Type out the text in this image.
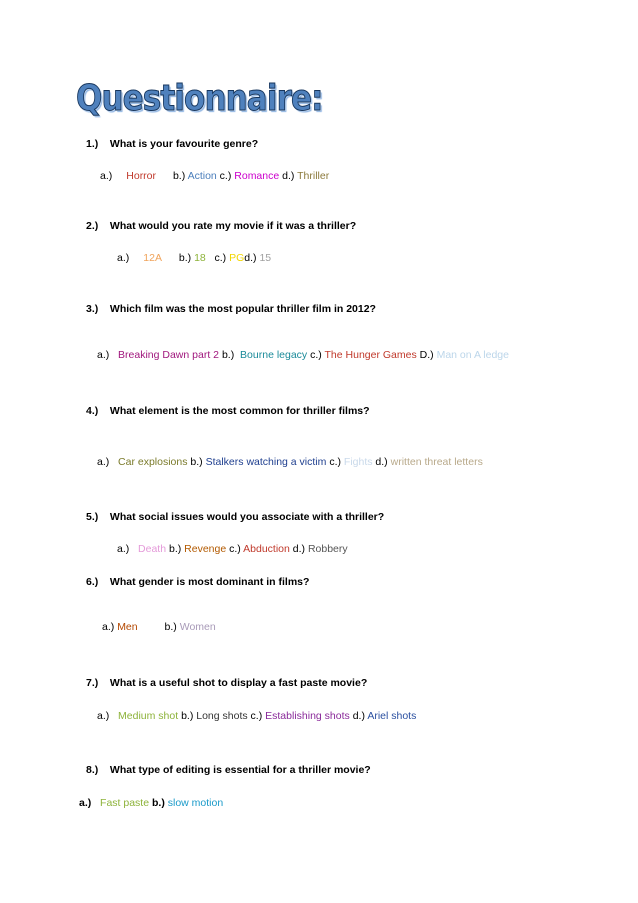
Questionnaire:
1.) What is your favourite genre?
a.) Horror b.) Action c.) Romance d.) Thriller
2.) What would you rate my movie if it was a thriller?
a.) 12A b.) 18 c.) PGd.) 15
3.) Which film was the most popular thriller film in 2012?
a.) Breaking Dawn part 2 b.) Bourne legacy c.) The Hunger Games D.) Man on A ledge
4.) What element is the most common for thriller films?
a.) Car explosions b.) Stalkers watching a victim c.) Fights d.) written threat letters
5.) What social issues would you associate with a thriller?
a.) Death b.) Revenge c.) Abduction d.) Robbery
6.) What gender is most dominant in films?
a.) Men	b.) Women
7.) What is a useful shot to display a fast paste movie?
a.) Medium shot b.) Long shots c.) Establishing shots d.) Ariel shots
8.) What type of editing is essential for a thriller movie?
a.) Fast paste b.) slow motion
